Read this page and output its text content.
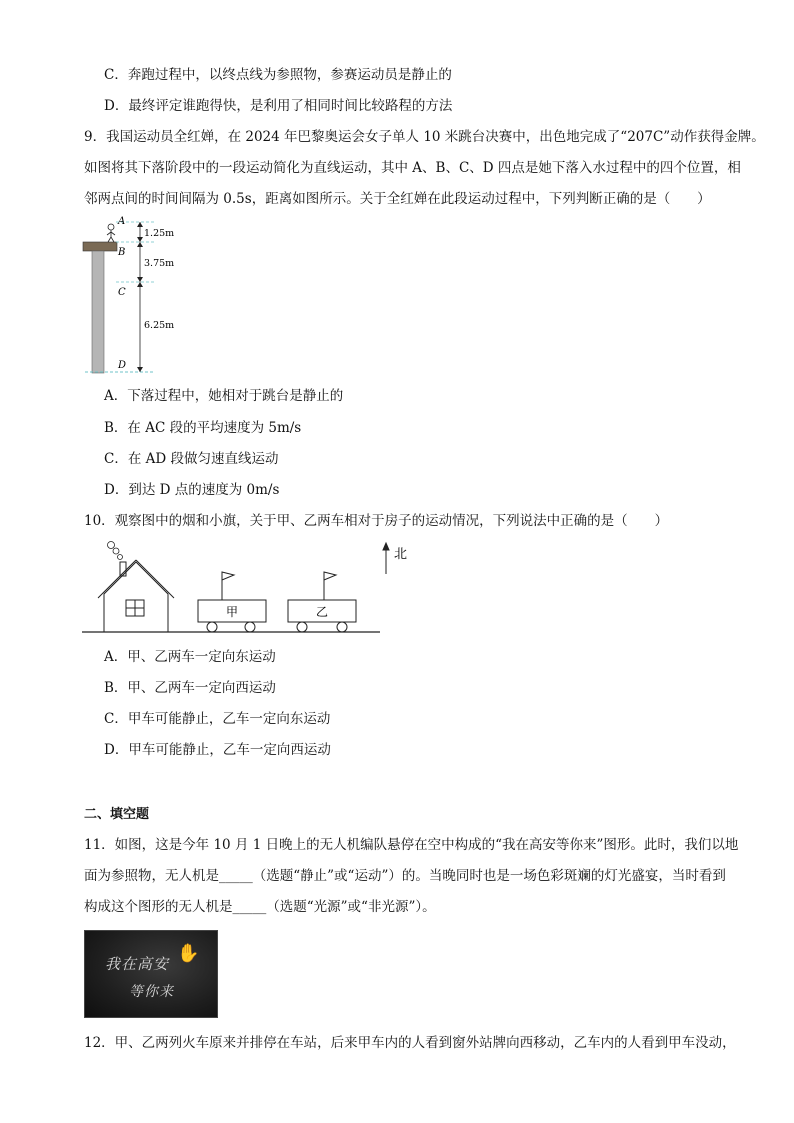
C．奔跑过程中，以终点线为参照物，参赛运动员是静止的
D．最终评定谁跑得快，是利用了相同时间比较路程的方法
9．我国运动员全红婵，在 2024 年巴黎奥运会女子单人 10 米跳台决赛中，出色地完成了“207C”动作获得金牌。
如图将其下落阶段中的一段运动简化为直线运动，其中 A、B、C、D 四点是她下落入水过程中的四个位置，相
邻两点间的时间间隔为 0.5s，距离如图所示。关于全红婵在此段运动过程中，下列判断正确的是（　　）
A
B
C
D
1.25m
3.75m
6.25m
A．下落过程中，她相对于跳台是静止的
B．在 AC 段的平均速度为 5m/s
C．在 AD 段做匀速直线运动
D．到达 D 点的速度为 0m/s
10．观察图中的烟和小旗，关于甲、乙两车相对于房子的运动情况，下列说法中正确的是（　　）
甲	乙
北
A．甲、乙两车一定向东运动
B．甲、乙两车一定向西运动
C．甲车可能静止，乙车一定向东运动
D．甲车可能静止，乙车一定向西运动
二、填空题
11．如图，这是今年 10 月 1 日晚上的无人机编队悬停在空中构成的“我在高安等你来”图形。此时，我们以地
面为参照物，无人机是_____（选题“静止”或“运动”）的。当晚同时也是一场色彩斑斓的灯光盛宴，当时看到
构成这个图形的无人机是_____（选题“光源”或“非光源”）。
我在高安
等你来
✋
12．甲、乙两列火车原来并排停在车站，后来甲车内的人看到窗外站牌向西移动，乙车内的人看到甲车没动，
